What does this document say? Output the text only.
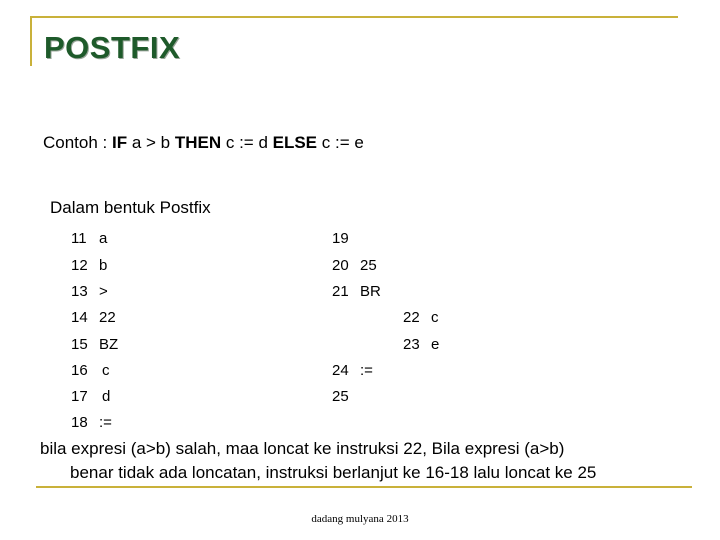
POSTFIX
Contoh : IF a > b THEN c := d ELSE c := e
Dalam bentuk Postfix
11 a
12 b
13 >
14 22
15 BZ
16 c
17 d
18 :=
19
20 25
21 BR
24 :=
25
22 c
23 e
bila expresi (a>b) salah, maa loncat ke instruksi 22, Bila expresi (a>b)
benar tidak ada loncatan, instruksi berlanjut ke 16-18 lalu loncat ke 25
dadang mulyana 2013
